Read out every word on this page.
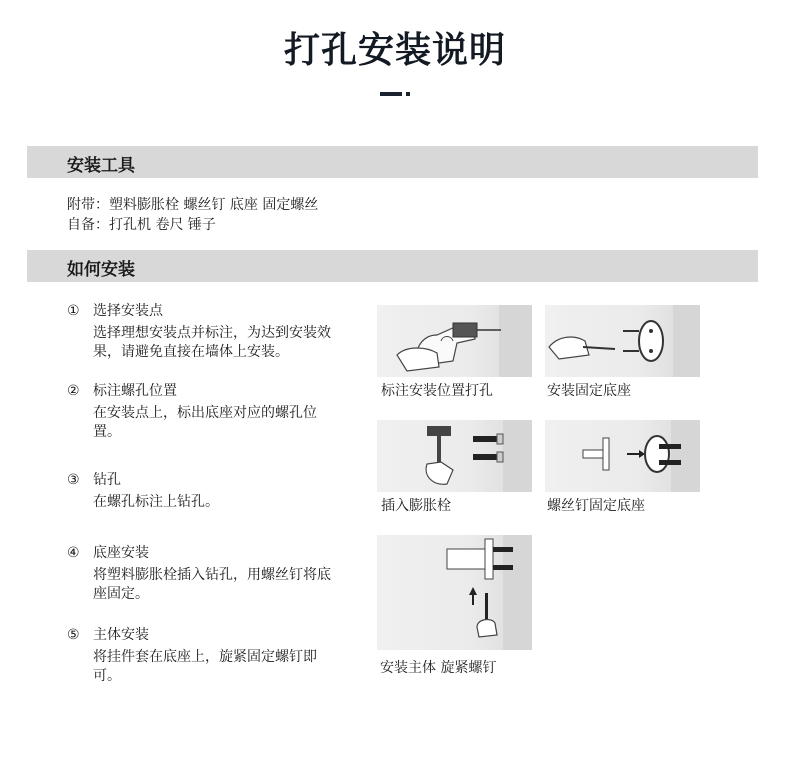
打孔安装说明
安装工具
附带：塑料膨胀栓 螺丝钉 底座 固定螺丝
自备：打孔机 卷尺 锤子
如何安装
① 选择安装点
选择理想安装点并标注，为达到安装效果，请避免直接在墙体上安装。
② 标注螺孔位置
在安装点上，标出底座对应的螺孔位置。
③ 钻孔
在螺孔标注上钻孔。
④ 底座安装
将塑料膨胀栓插入钻孔，用螺丝钉将底座固定。
⑤ 主体安装
将挂件套在底座上，旋紧固定螺钉即可。
标注安装位置打孔	安装固定底座
插入膨胀栓	螺丝钉固定底座
安装主体 旋紧螺钉
